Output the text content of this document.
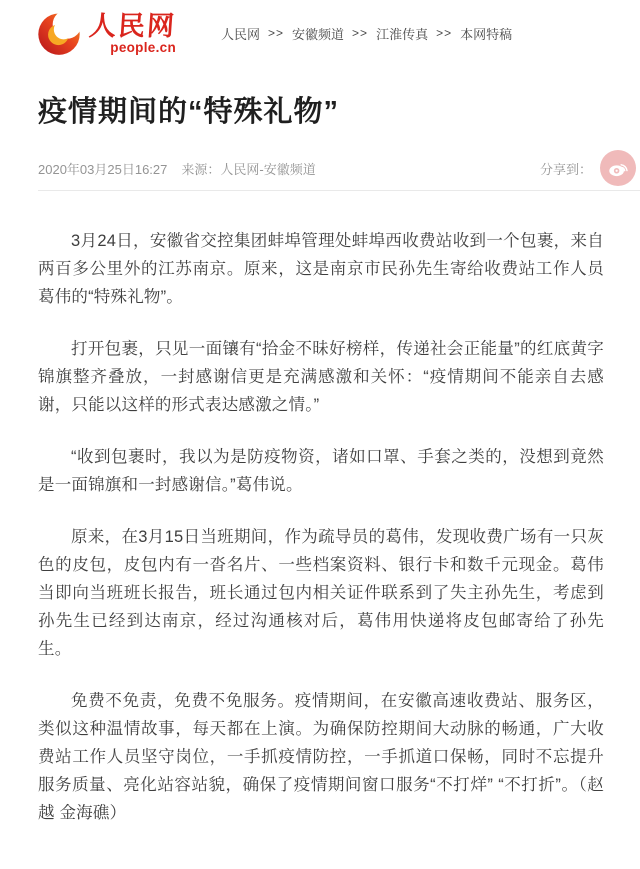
人民网
people.cn
人民网 >> 安徽频道 >> 江淮传真 >> 本网特稿
疫情期间的“特殊礼物”
2020年03月25日16:27 来源：人民网-安徽频道	分享到：

3月24日，安徽省交控集团蚌埠管理处蚌埠西收费站收到一个包裹，来自两百多公里外的江苏南京。原来，这是南京市民孙先生寄给收费站工作人员葛伟的“特殊礼物”。

打开包裹，只见一面镶有“拾金不昧好榜样，传递社会正能量”的红底黄字锦旗整齐叠放，一封感谢信更是充满感激和关怀：“疫情期间不能亲自去感谢，只能以这样的形式表达感激之情。”

“收到包裹时，我以为是防疫物资，诸如口罩、手套之类的，没想到竟然是一面锦旗和一封感谢信。”葛伟说。

原来，在3月15日当班期间，作为疏导员的葛伟，发现收费广场有一只灰色的皮包，皮包内有一沓名片、一些档案资料、银行卡和数千元现金。葛伟当即向当班班长报告，班长通过包内相关证件联系到了失主孙先生，考虑到孙先生已经到达南京，经过沟通核对后，葛伟用快递将皮包邮寄给了孙先生。

免费不免责，免费不免服务。疫情期间，在安徽高速收费站、服务区，类似这种温情故事，每天都在上演。为确保防控期间大动脉的畅通，广大收费站工作人员坚守岗位，一手抓疫情防控，一手抓道口保畅，同时不忘提升服务质量、亮化站容站貌，确保了疫情期间窗口服务“不打烊” “不打折”。（赵越 金海礁）
